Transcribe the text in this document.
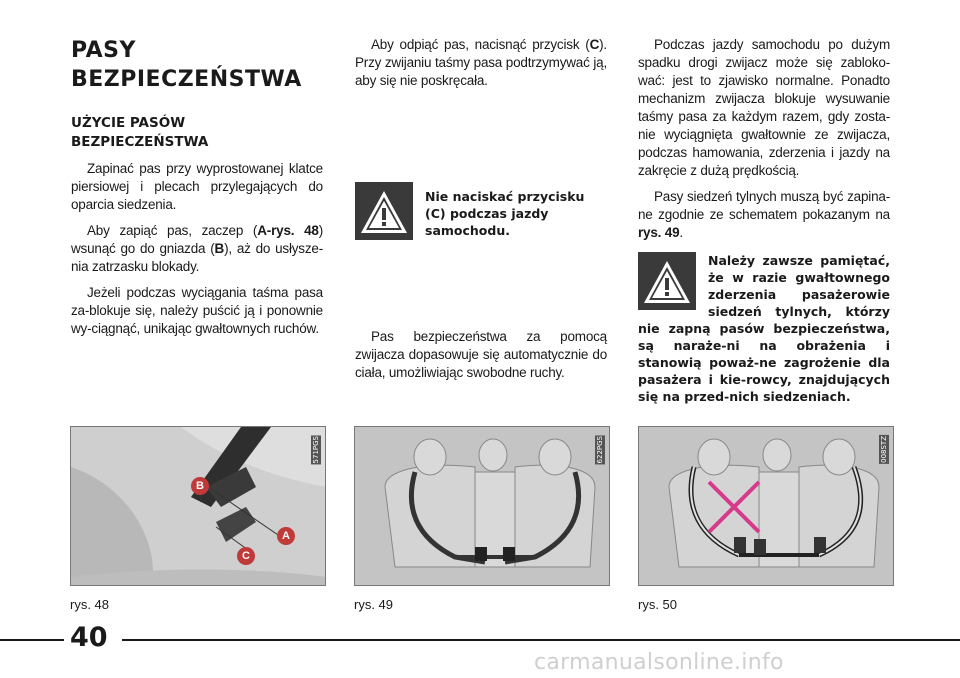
PASY
BEZPIECZEŃSTWA
UŻYCIE PASÓW
BEZPIECZEŃSTWA

Zapinać pas przy wyprostowanej klatce piersiowej i plecach przylegających do oparcia siedzenia.

Aby zapiąć pas, zaczep (A-rys. 48) wsunąć go do gniazda (B), aż do usłysze-nia zatrzasku blokady.

Jeżeli podczas wyciągania taśma pasa za-blokuje się, należy puścić ją i ponownie wy-ciągnąć, unikając gwałtownych ruchów.

Aby odpiąć pas, nacisnąć przycisk (C). Przy zwijaniu taśmy pasa podtrzymywać ją, aby się nie poskręcała.

Nie naciskać przycisku (C) podczas jazdy samochodu.

Pas bezpieczeństwa za pomocą zwijacza dopasowuje się automatycznie do ciała, umożliwiając swobodne ruchy.

Podczas jazdy samochodu po dużym spadku drogi zwijacz może się zabloko-wać: jest to zjawisko normalne. Ponadto mechanizm zwijacza blokuje wysuwanie taśmy pasa za każdym razem, gdy zosta-nie wyciągnięta gwałtownie ze zwijacza, podczas hamowania, zderzenia i jazdy na zakręcie z dużą prędkością.

Pasy siedzeń tylnych muszą być zapina-ne zgodnie ze schematem pokazanym na rys. 49.

Należy zawsze pamiętać, że w razie gwałtownego zderzenia pasażerowie siedzeń tylnych, którzy nie zapną pasów bezpieczeństwa, są naraże-ni na obrażenia i stanowią poważ-ne zagrożenie dla pasażera i kie-rowcy, znajdujących się na przed-nich siedzeniach.
B
A
C
571PGS
rys. 48
622PGS
rys. 49
008STZ
rys. 50
40
carmanualsonline.info
